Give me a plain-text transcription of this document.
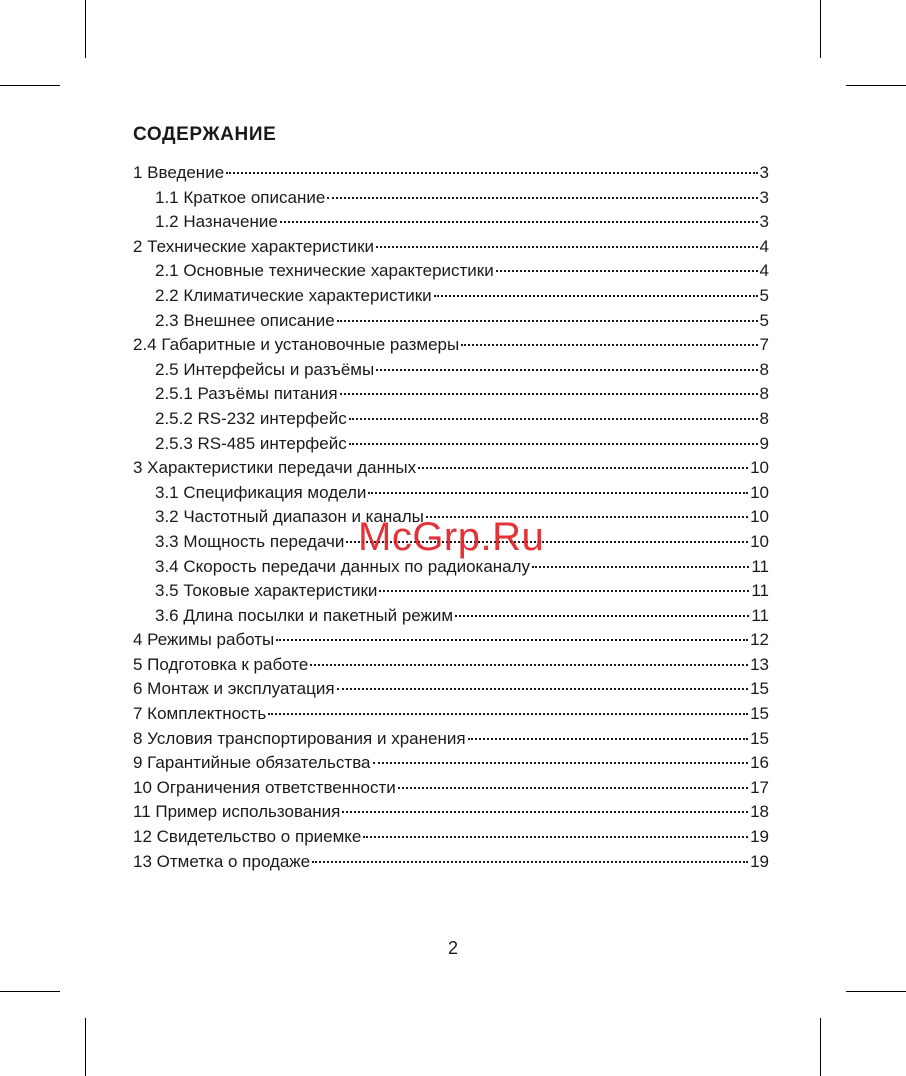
СОДЕРЖАНИЕ
1 Введение	3
1.1 Краткое описание	3
1.2 Назначение	3
2 Технические характеристики	4
2.1 Основные технические характеристики	4
2.2 Климатические характеристики	5
2.3 Внешнее описание	5
2.4 Габаритные и установочные размеры	7
2.5 Интерфейсы и разъёмы	8
2.5.1 Разъёмы питания	8
2.5.2 RS-232 интерфейс	8
2.5.3 RS-485 интерфейс	9
3 Характеристики передачи данных	10
3.1 Спецификация модели	10
3.2 Частотный диапазон и каналы	10
3.3 Мощность передачи	10
3.4 Скорость передачи данных по радиоканалу	11
3.5 Токовые характеристики	11
3.6 Длина посылки и пакетный режим	11
4 Режимы работы	12
5 Подготовка к работе	13
6 Монтаж и эксплуатация	15
7 Комплектность	15
8 Условия транспортирования и хранения	15
9 Гарантийные обязательства	16
10 Ограничения ответственности	17
11 Пример использования	18
12 Свидетельство о приемке	19
13 Отметка о продаже	19
McGrp.Ru
2
